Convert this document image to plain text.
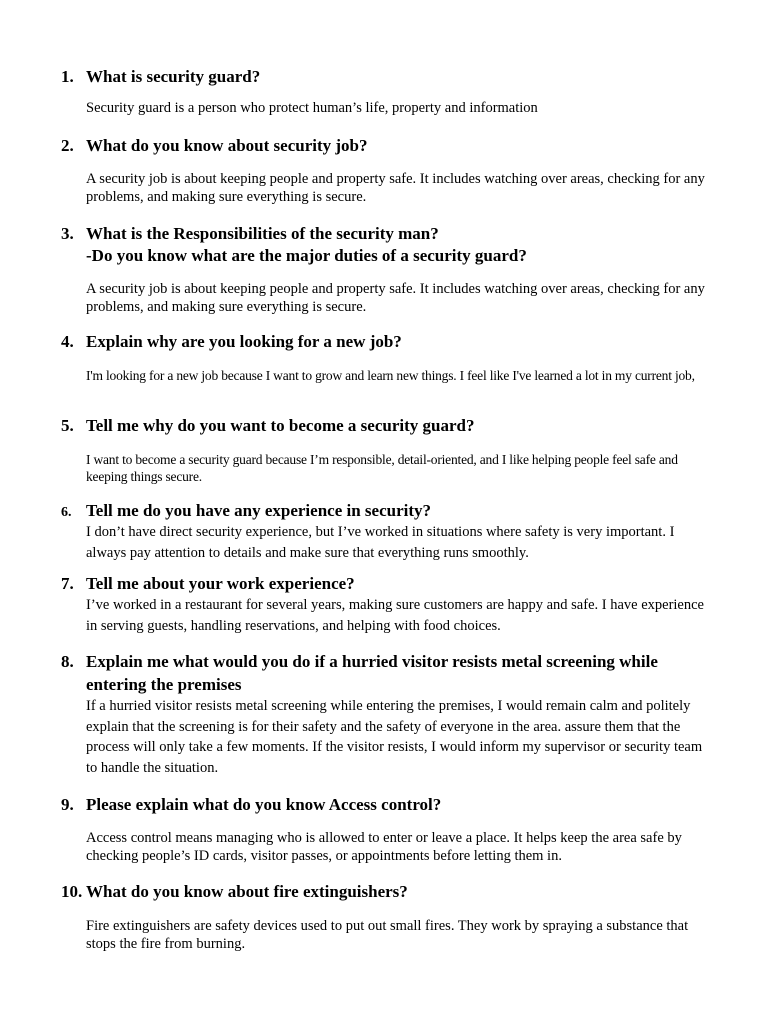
1. What is security guard?

Security guard is a person who protect human’s life, property and information

2. What do you know about security job?

A security job is about keeping people and property safe. It includes watching over areas, checking for any problems, and making sure everything is secure.

3. What is the Responsibilities of the security man?
-Do you know what are the major duties of a security guard?

A security job is about keeping people and property safe. It includes watching over areas, checking for any problems, and making sure everything is secure.

4. Explain why are you looking for a new job?

I'm looking for a new job because I want to grow and learn new things. I feel like I've learned a lot in my current job,

5. Tell me why do you want to become a security guard?

I want to become a security guard because I’m responsible, detail-oriented, and I like helping people feel safe and keeping things secure.

6. Tell me do you have any experience in security?

I don’t have direct security experience, but I’ve worked in situations where safety is very important. I always pay attention to details and make sure that everything runs smoothly.

7. Tell me about your work experience?

I’ve worked in a restaurant for several years, making sure customers are happy and safe. I have experience in serving guests, handling reservations, and helping with food choices.

8. Explain me what would you do if a hurried visitor resists metal screening while entering the premises

If a hurried visitor resists metal screening while entering the premises, I would remain calm and politely explain that the screening is for their safety and the safety of everyone in the area. assure them that the process will only take a few moments. If the visitor resists, I would inform my supervisor or security team to handle the situation.

9. Please explain what do you know Access control?

Access control means managing who is allowed to enter or leave a place. It helps keep the area safe by checking people’s ID cards, visitor passes, or appointments before letting them in.

10. What do you know about fire extinguishers?

Fire extinguishers are safety devices used to put out small fires. They work by spraying a substance that stops the fire from burning.
